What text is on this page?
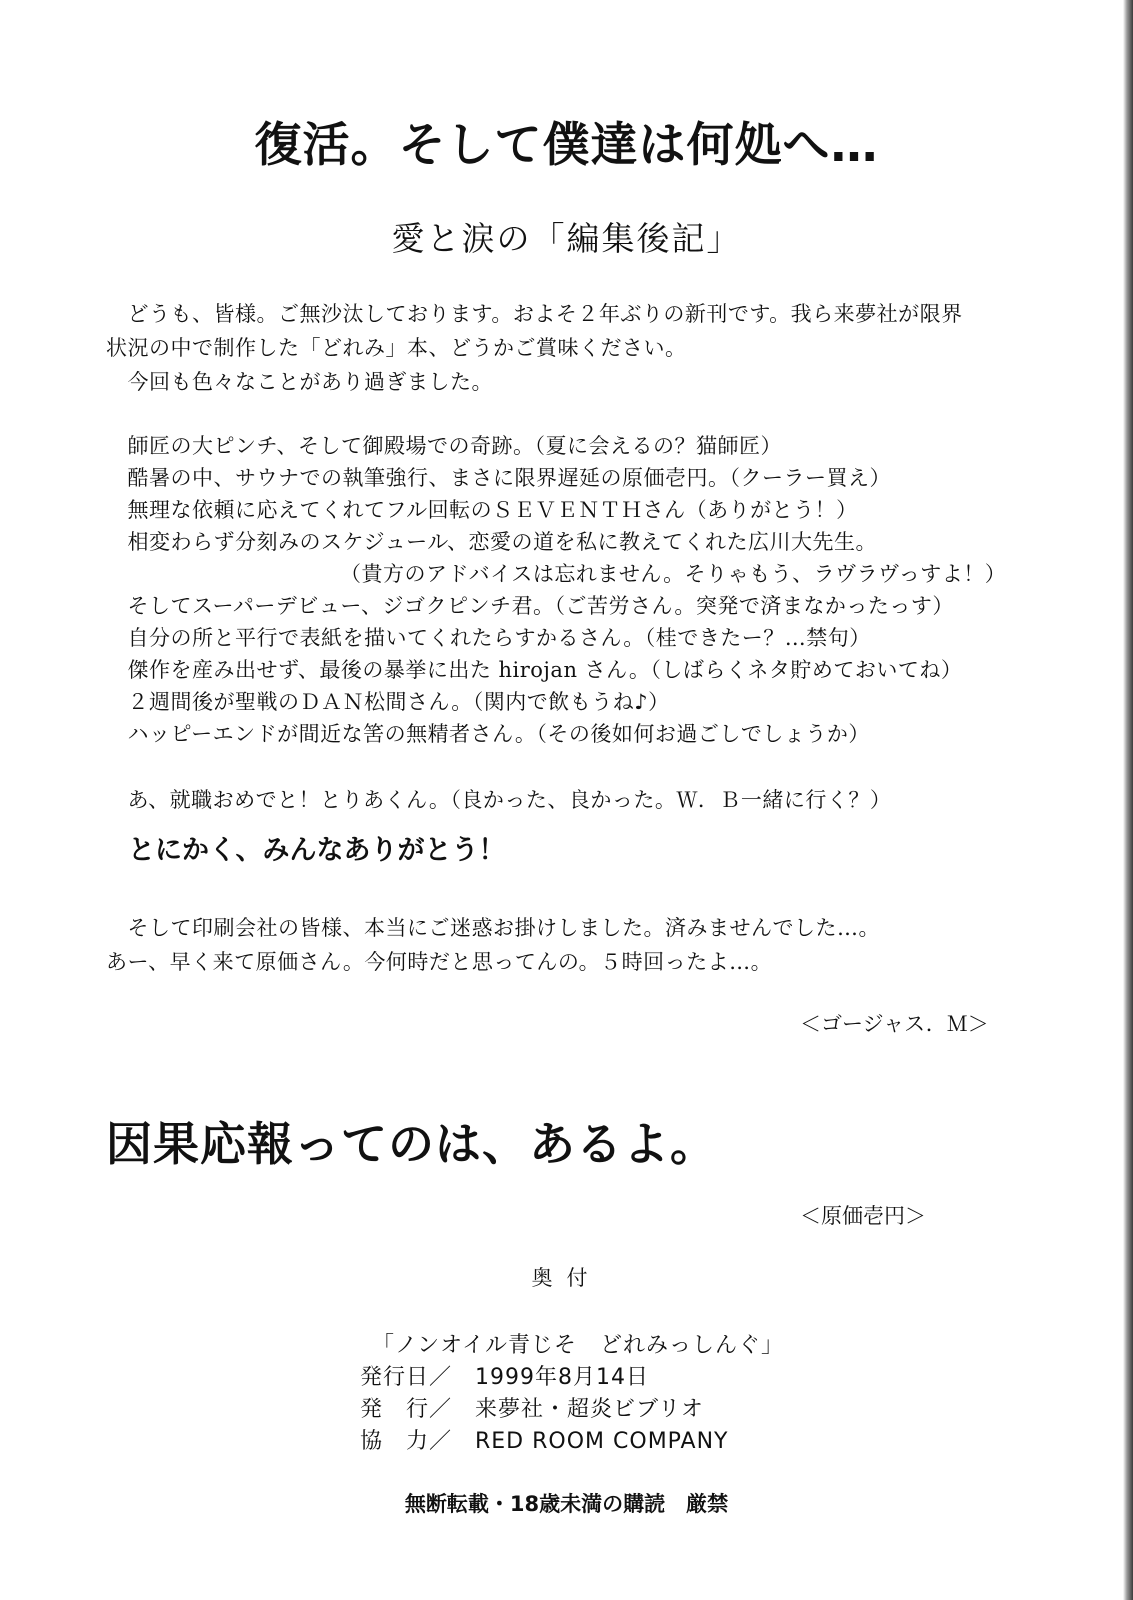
復活。そして僕達は何処へ…
愛と涙の「編集後記」
　どうも、皆様。ご無沙汰しております。およそ２年ぶりの新刊です。我ら来夢社が限界
状況の中で制作した「どれみ」本、どうかご賞味ください。
　今回も色々なことがあり過ぎました。
　師匠の大ピンチ、そして御殿場での奇跡。（夏に会えるの？猫師匠）
　酷暑の中、サウナでの執筆強行、まさに限界遅延の原価壱円。（クーラー買え）
　無理な依頼に応えてくれてフル回転のＳＥＶＥＮＴＨさん（ありがとう！）
　相変わらず分刻みのスケジュール、恋愛の道を私に教えてくれた広川大先生。
（貴方のアドバイスは忘れません。そりゃもう、ラヴラヴっすよ！）
　そしてスーパーデビュー、ジゴクピンチ君。（ご苦労さん。突発で済まなかったっす）
　自分の所と平行で表紙を描いてくれたらすかるさん。（桂できたー？…禁句）
　傑作を産み出せず、最後の暴挙に出た hirojan さん。（しばらくネタ貯めておいてね）
　２週間後が聖戦のＤＡＮ松間さん。（関内で飲もうね♪）
　ハッピーエンドが間近な筈の無精者さん。（その後如何お過ごしでしょうか）
　あ、就職おめでと！とりあくん。（良かった、良かった。Ｗ．Ｂ一緒に行く？）
とにかく、みんなありがとう！
　そして印刷会社の皆様、本当にご迷惑お掛けしました。済みませんでした…。
あー、早く来て原価さん。今何時だと思ってんの。５時回ったよ…。
＜ゴージャス．Ｍ＞
因果応報ってのは、あるよ。
＜原価壱円＞
奥付
「ノンオイル青じそ　どれみっしんぐ」
発行日／　1999年8月14日
発　行／　来夢社・超炎ビブリオ
協　力／　RED ROOM COMPANY
無断転載・18歳未満の購読　厳禁
